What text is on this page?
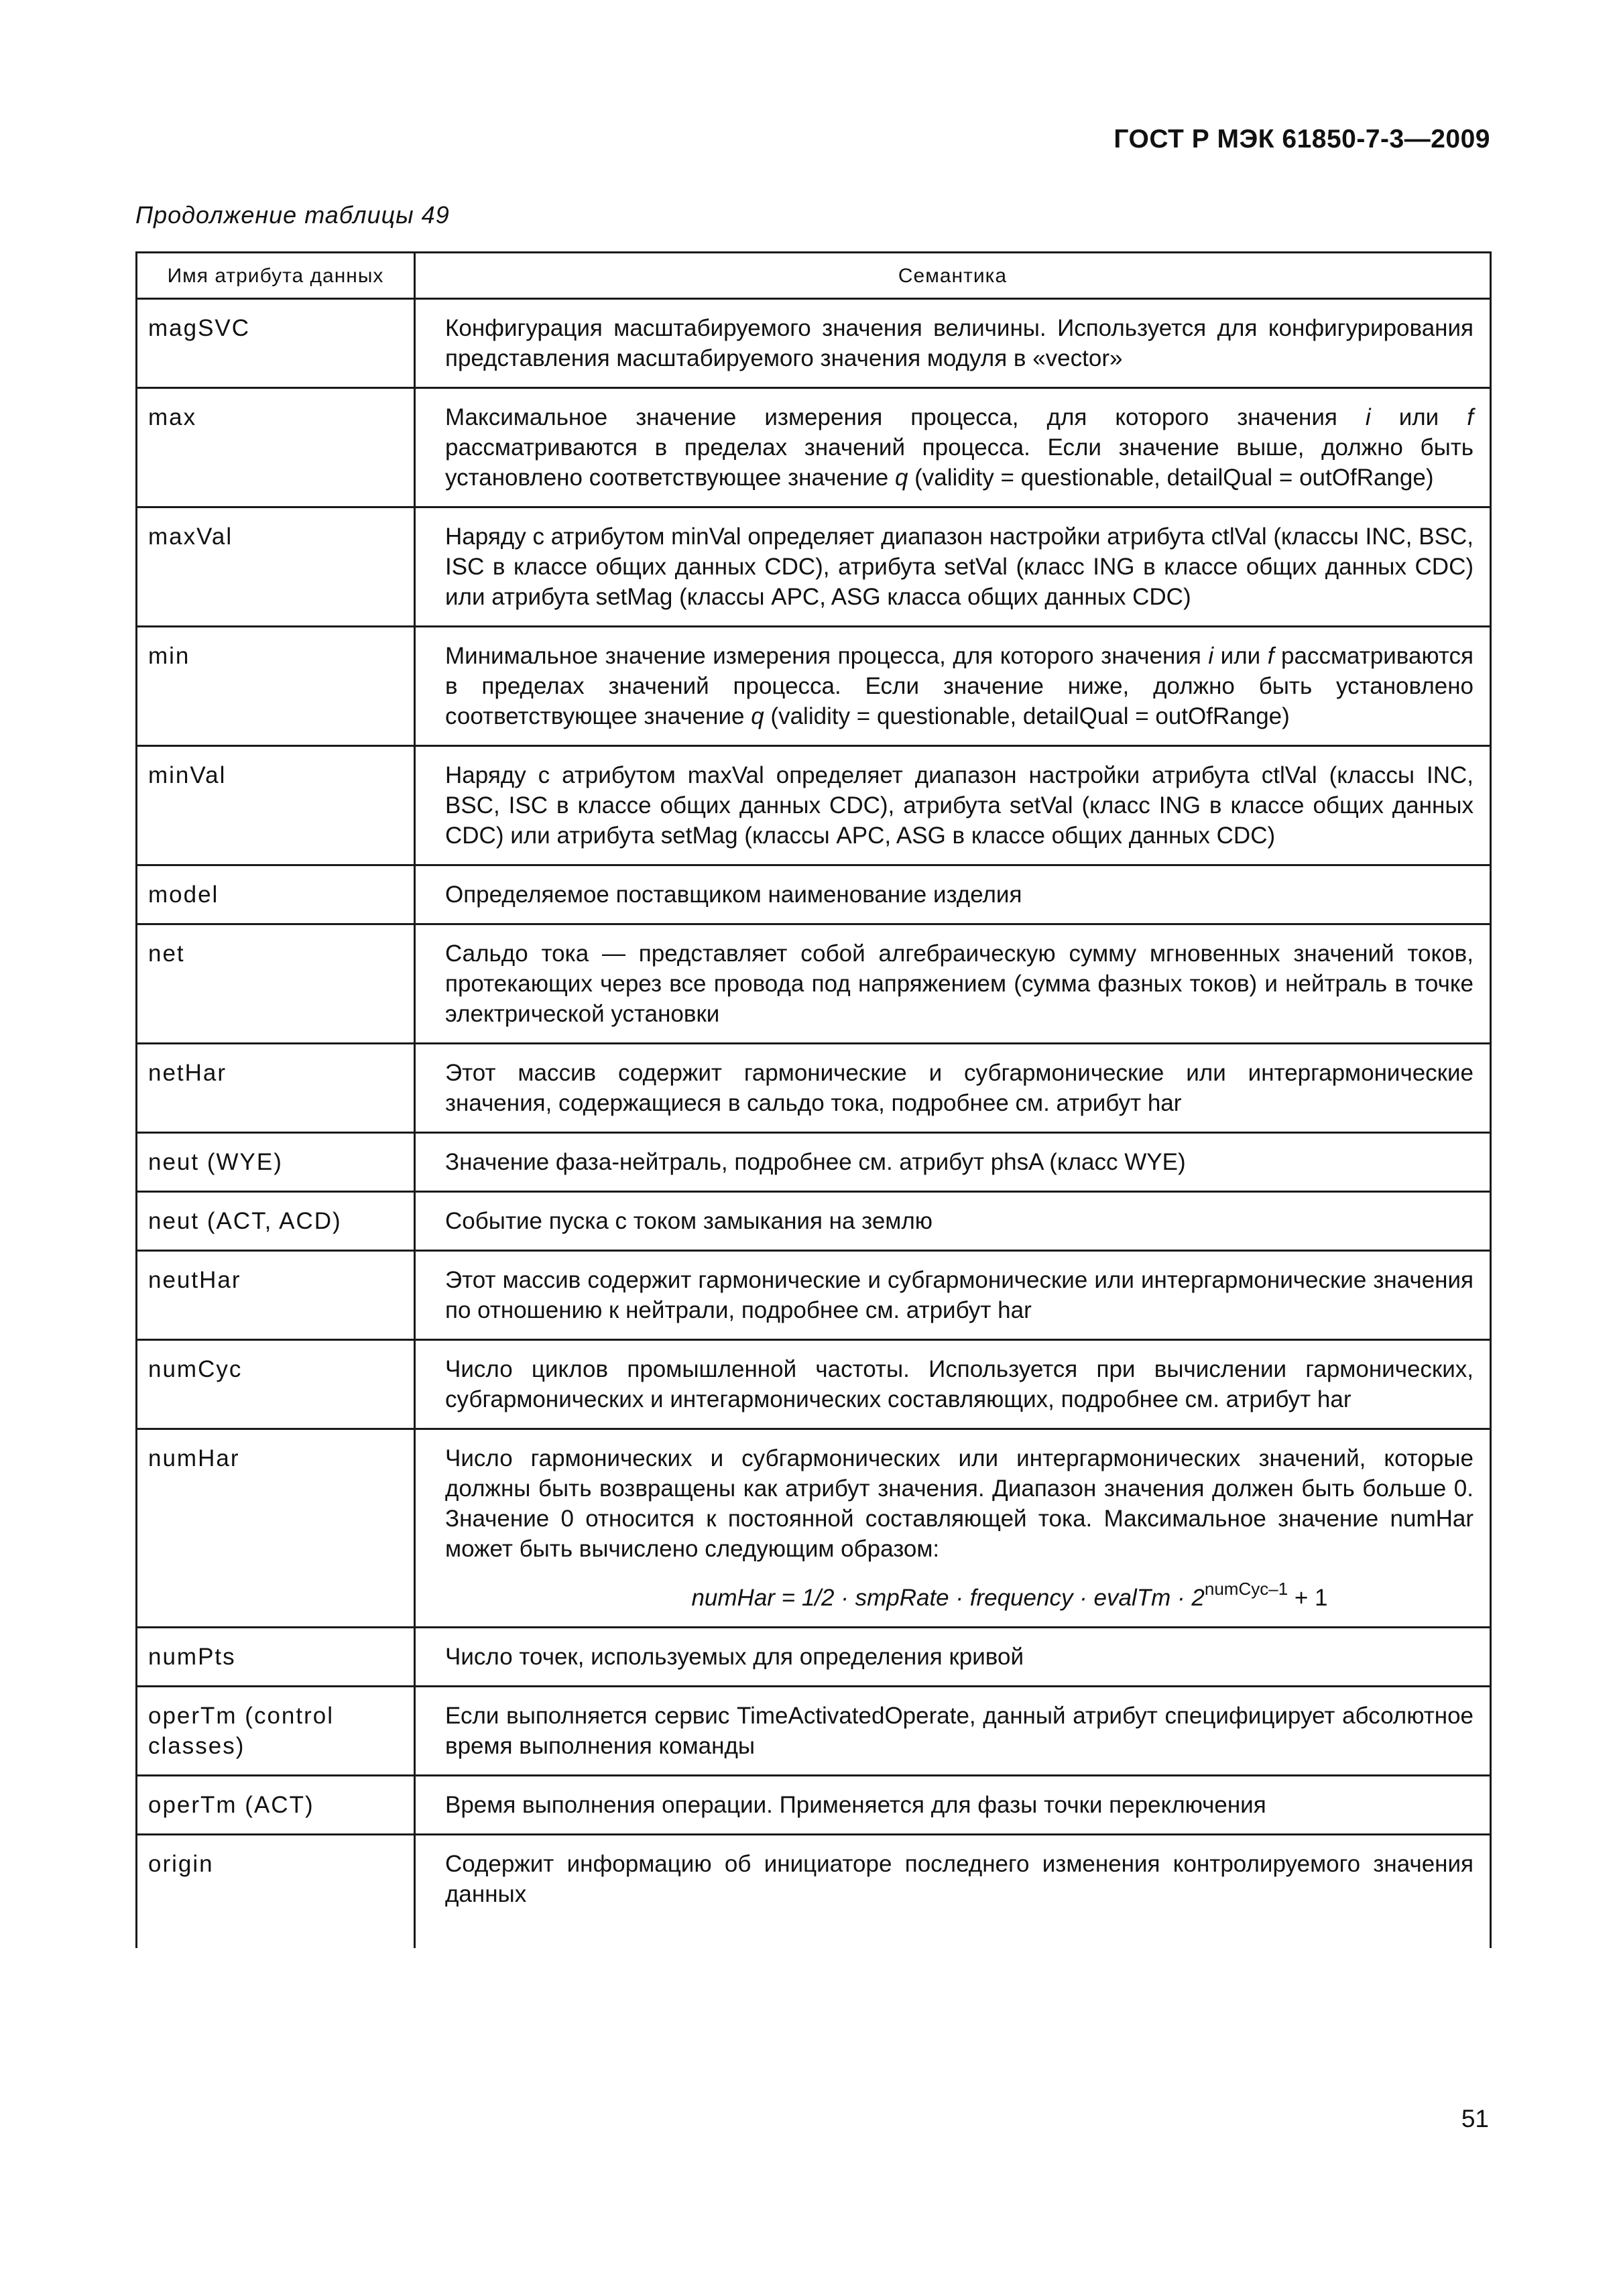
ГОСТ Р МЭК 61850-7-3—2009
Продолжение таблицы 49
Имя атрибута данных	Семантика
magSVC	Конфигурация масштабируемого значения величины. Используется для конфигурирования представления масштабируемого значения модуля в «vector»
max	Максимальное значение измерения процесса, для которого значения i или f рассматриваются в пределах значений процесса. Если значение выше, должно быть установлено соответствующее значение q (validity = questionable, detailQual = outOfRange)
maxVal	Наряду с атрибутом minVal определяет диапазон настройки атрибута ctlVal (классы INC, BSC, ISC в классе общих данных CDC), атрибута setVal (класс ING в классе общих данных CDC) или атрибута setMag (классы APC, ASG класса общих данных CDC)
min	Минимальное значение измерения процесса, для которого значения i или f рассматриваются в пределах значений процесса. Если значение ниже, должно быть установлено соответствующее значение q (validity = questionable, detailQual = outOfRange)
minVal	Наряду с атрибутом maxVal определяет диапазон настройки атрибута ctlVal (классы INC, BSC, ISC в классе общих данных CDC), атрибута setVal (класс ING в классе общих данных CDC) или атрибута setMag (классы APC, ASG в классе общих данных CDC)
model	Определяемое поставщиком наименование изделия
net	Сальдо тока — представляет собой алгебраическую сумму мгновенных значений токов, протекающих через все провода под напряжением (сумма фазных токов) и нейтраль в точке электрической установки
netHar	Этот массив содержит гармонические и субгармонические или интергармонические значения, содержащиеся в сальдо тока, подробнее см. атрибут har
neut (WYE)	Значение фаза-нейтраль, подробнее см. атрибут phsA (класс WYE)
neut (ACT, ACD)	Событие пуска с током замыкания на землю
neutHar	Этот массив содержит гармонические и субгармонические или интергармонические значения по отношению к нейтрали, подробнее см. атрибут har
numCyc	Число циклов промышленной частоты. Используется при вычислении гармонических, субгармонических и интегармонических составляющих, подробнее см. атрибут har
numHar	Число гармонических и субгармонических или интергармонических значений, которые должны быть возвращены как атрибут значения. Диапазон значения должен быть больше 0. Значение 0 относится к постоянной составляющей тока. Максимальное значение numHar может быть вычислено следующим образом:
numHar = 1/2 · smpRate · frequency · evalTm · $2^{numCyc-1} + 1$

numPts	Число точек, используемых для определения кривой
operTm (control classes)	Если выполняется сервис TimeActivatedOperate, данный атрибут специфицирует абсолютное время выполнения команды
operTm (ACT)	Время выполнения операции. Применяется для фазы точки переключения
origin	Содержит информацию об инициаторе последнего изменения контролируемого значения данных
51
